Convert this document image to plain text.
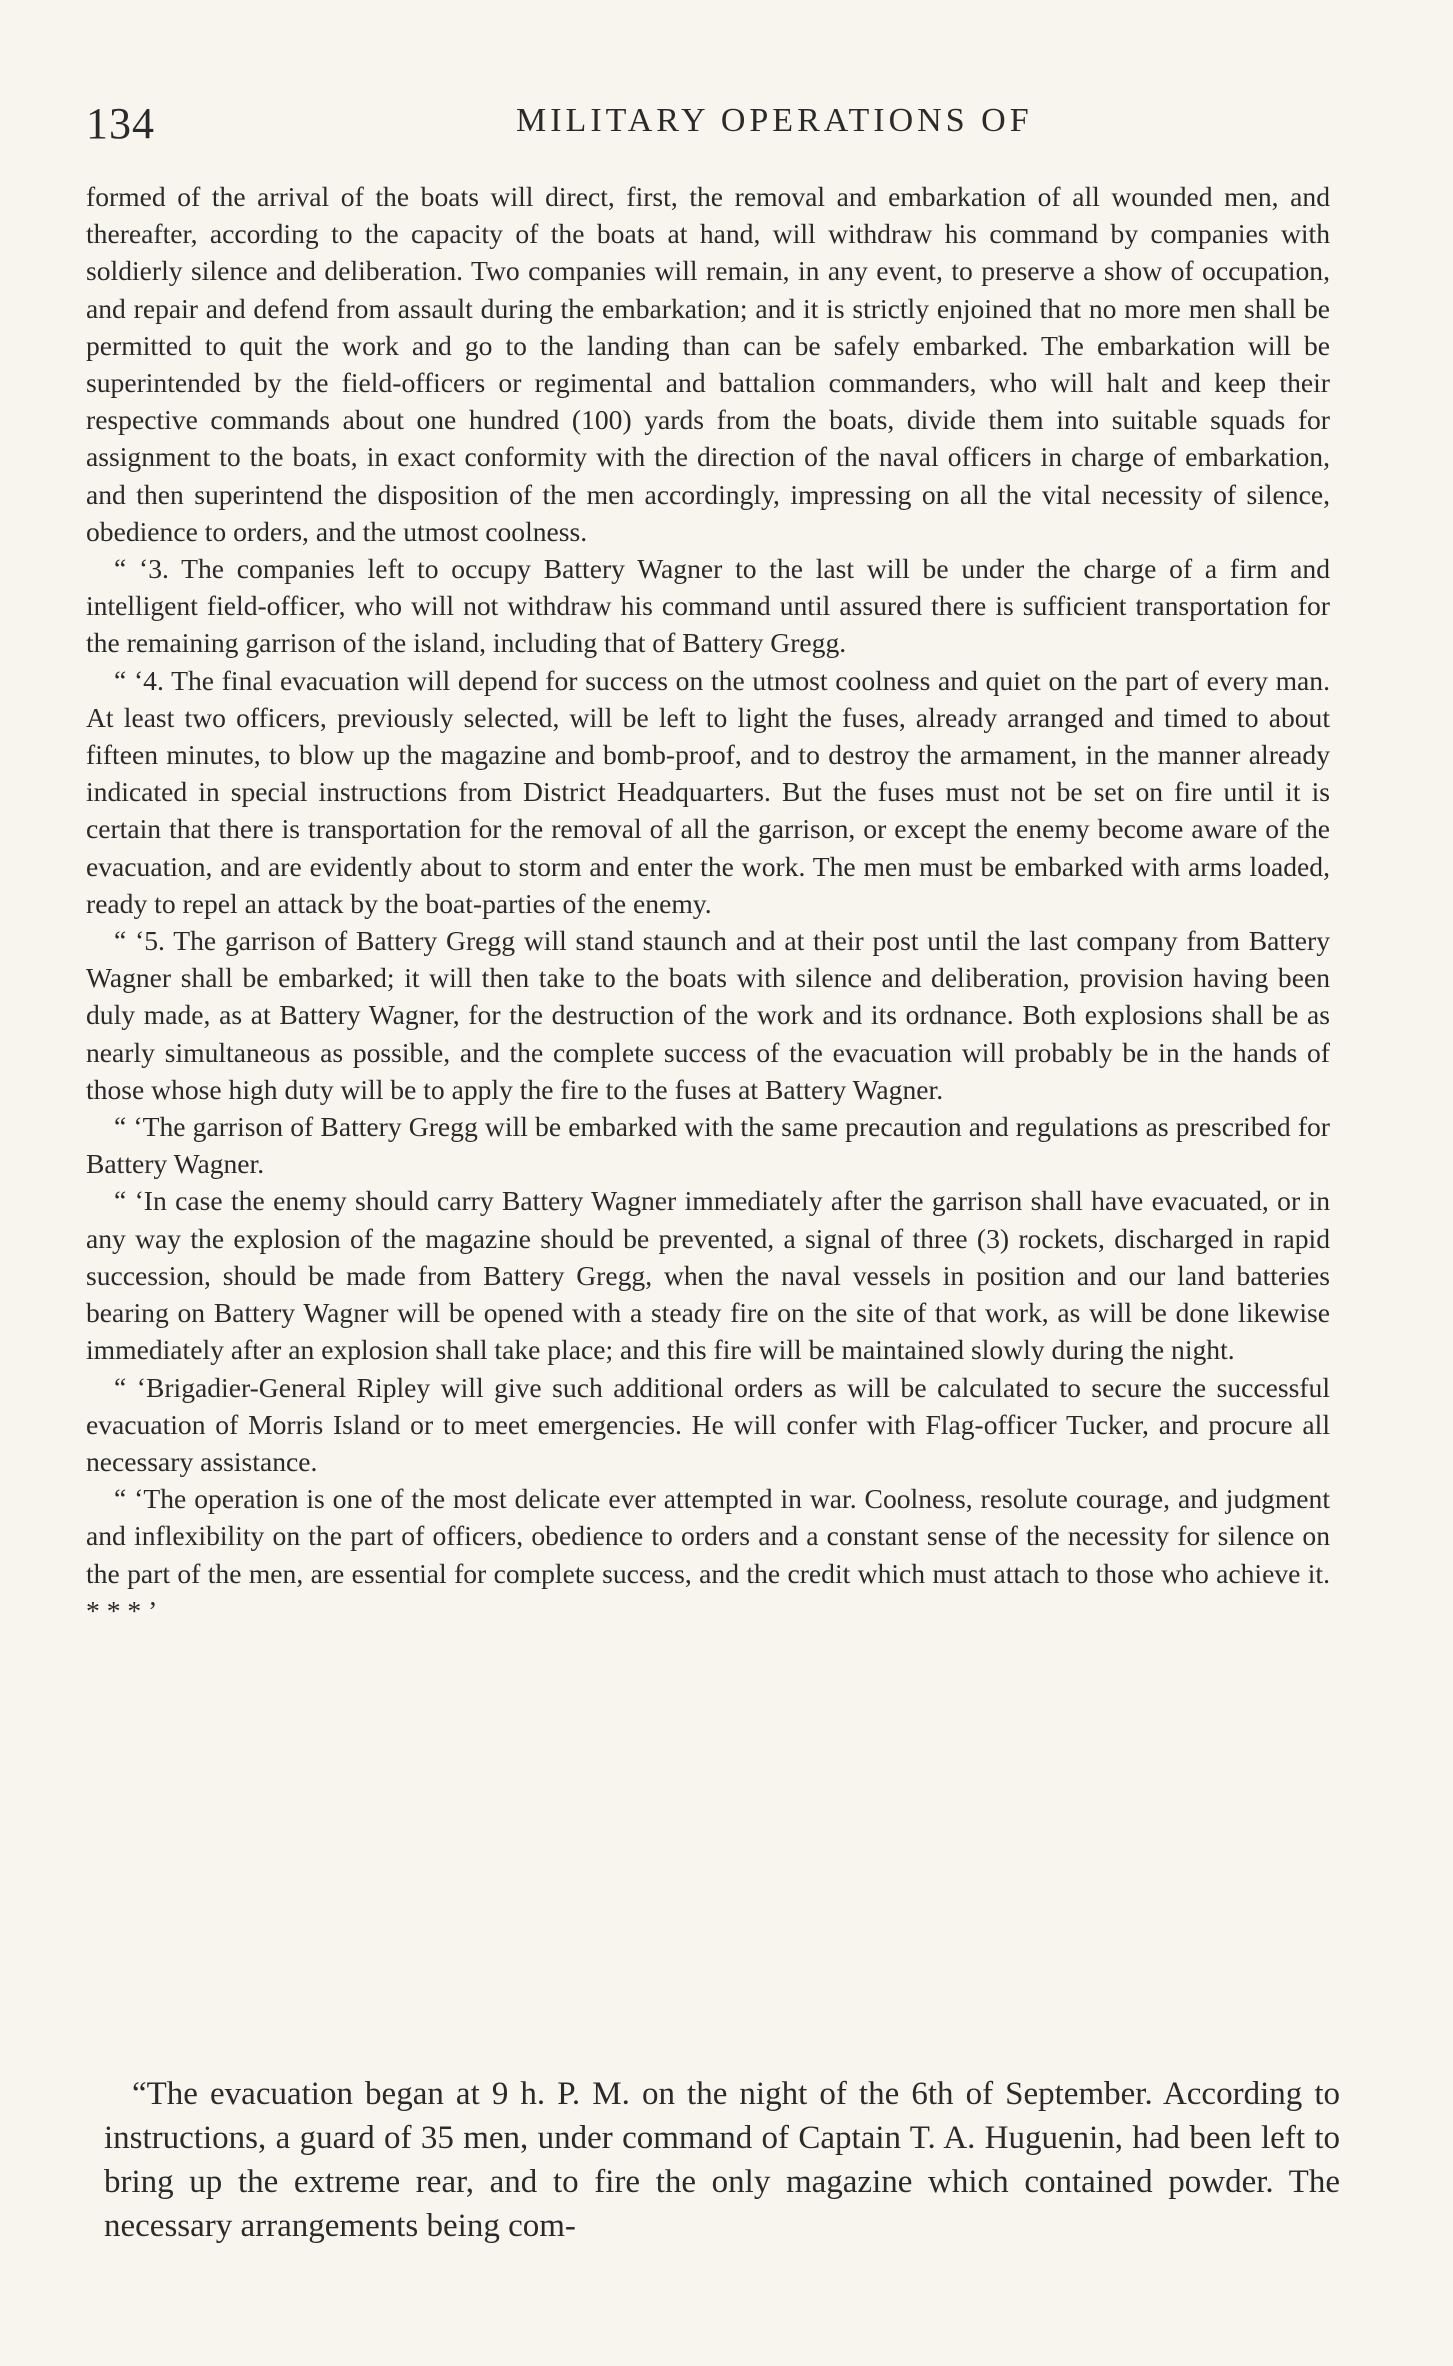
134	MILITARY OPERATIONS OF

formed of the arrival of the boats will direct, first, the removal and embarkation of all wounded men, and thereafter, according to the capacity of the boats at hand, will withdraw his command by companies with soldierly silence and deliberation. Two companies will remain, in any event, to preserve a show of occupation, and repair and defend from assault during the embarkation; and it is strictly enjoined that no more men shall be permitted to quit the work and go to the landing than can be safely embarked. The embarkation will be superintended by the field-officers or regimental and battalion commanders, who will halt and keep their respective commands about one hundred (100) yards from the boats, divide them into suitable squads for assignment to the boats, in exact conformity with the direction of the naval officers in charge of embarkation, and then superintend the disposition of the men accordingly, impressing on all the vital necessity of silence, obedience to orders, and the utmost coolness.

“ ‘3. The companies left to occupy Battery Wagner to the last will be under the charge of a firm and intelligent field-officer, who will not withdraw his command until assured there is sufficient transportation for the remaining garrison of the island, including that of Battery Gregg.

“ ‘4. The final evacuation will depend for success on the utmost coolness and quiet on the part of every man. At least two officers, previously selected, will be left to light the fuses, already arranged and timed to about fifteen minutes, to blow up the magazine and bomb-proof, and to destroy the armament, in the manner already indicated in special instructions from District Headquarters. But the fuses must not be set on fire until it is certain that there is transportation for the removal of all the garrison, or except the enemy become aware of the evacuation, and are evidently about to storm and enter the work. The men must be embarked with arms loaded, ready to repel an attack by the boat-parties of the enemy.

“ ‘5. The garrison of Battery Gregg will stand staunch and at their post until the last company from Battery Wagner shall be embarked; it will then take to the boats with silence and deliberation, provision having been duly made, as at Battery Wagner, for the destruction of the work and its ordnance. Both explosions shall be as nearly simultaneous as possible, and the complete success of the evacuation will probably be in the hands of those whose high duty will be to apply the fire to the fuses at Battery Wagner.

“ ‘The garrison of Battery Gregg will be embarked with the same precaution and regulations as prescribed for Battery Wagner.

“ ‘In case the enemy should carry Battery Wagner immediately after the garrison shall have evacuated, or in any way the explosion of the magazine should be prevented, a signal of three (3) rockets, discharged in rapid succession, should be made from Battery Gregg, when the naval vessels in position and our land batteries bearing on Battery Wagner will be opened with a steady fire on the site of that work, as will be done likewise immediately after an explosion shall take place; and this fire will be maintained slowly during the night.

“ ‘Brigadier-General Ripley will give such additional orders as will be calculated to secure the successful evacuation of Morris Island or to meet emergencies. He will confer with Flag-officer Tucker, and procure all necessary assistance.

“ ‘The operation is one of the most delicate ever attempted in war. Coolness, resolute courage, and judgment and inflexibility on the part of officers, obedience to orders and a constant sense of the necessity for silence on the part of the men, are essential for complete success, and the credit which must attach to those who achieve it. * * * ’

“The evacuation began at 9 h. P. M. on the night of the 6th of September. According to instructions, a guard of 35 men, under command of Captain T. A. Huguenin, had been left to bring up the extreme rear, and to fire the only magazine which contained powder. The necessary arrangements being com-
